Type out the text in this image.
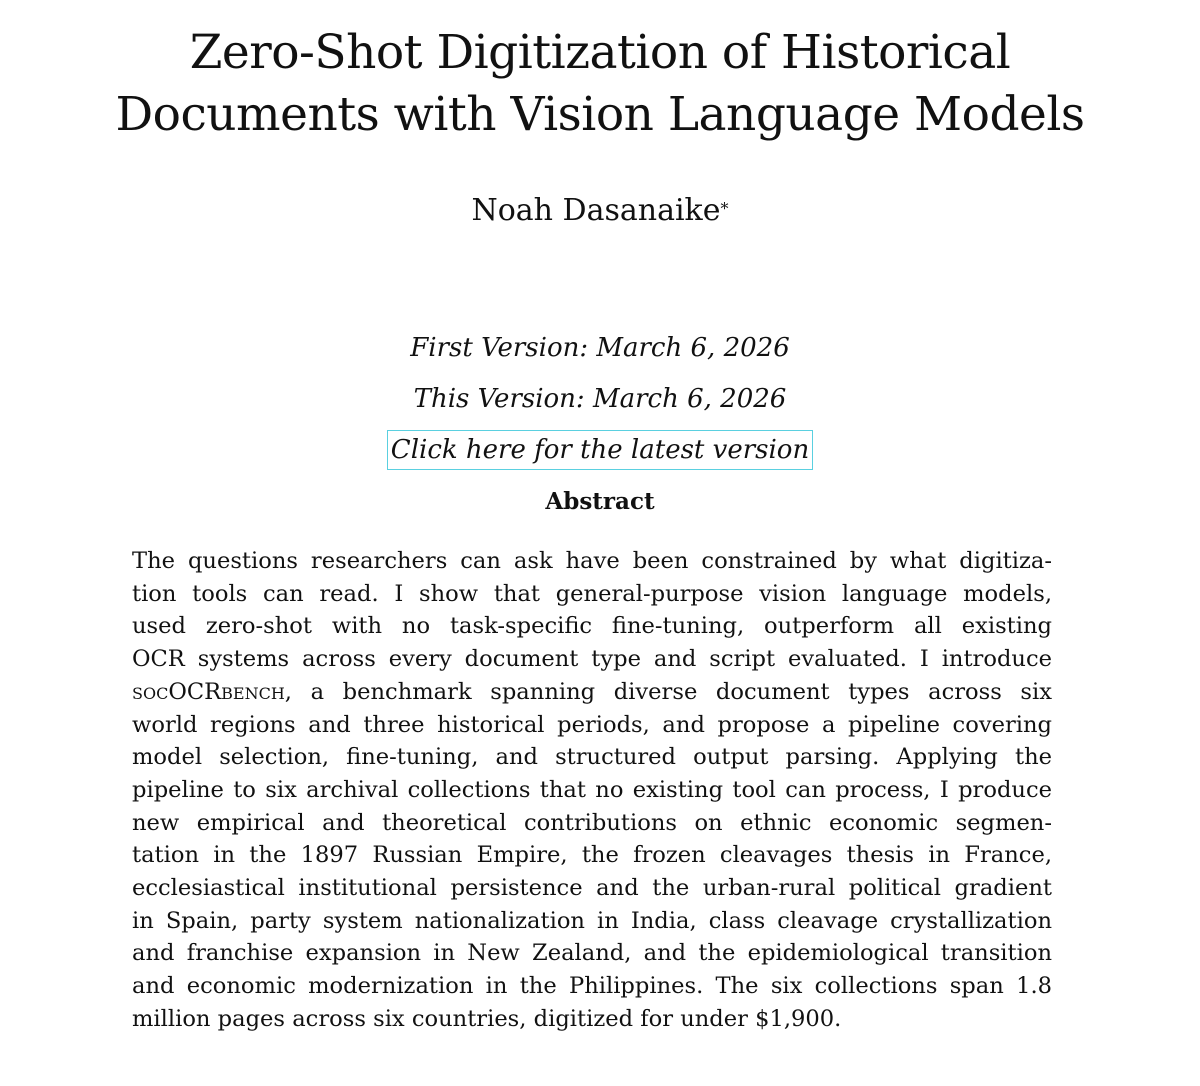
Zero-Shot Digitization of Historical
Documents with Vision Language Models
Noah Dasanaike*
First Version: March 6, 2026
This Version: March 6, 2026
Click here for the latest version
Abstract

The questions researchers can ask have been constrained by what digitiza-
tion tools can read. I show that general-purpose vision language models,
used zero-shot with no task-specific fine-tuning, outperform all existing
OCR systems across every document type and script evaluated. I introduce
socOCRbench, a benchmark spanning diverse document types across six
world regions and three historical periods, and propose a pipeline covering
model selection, fine-tuning, and structured output parsing. Applying the
pipeline to six archival collections that no existing tool can process, I produce
new empirical and theoretical contributions on ethnic economic segmen-
tation in the 1897 Russian Empire, the frozen cleavages thesis in France,
ecclesiastical institutional persistence and the urban-rural political gradient
in Spain, party system nationalization in India, class cleavage crystallization
and franchise expansion in New Zealand, and the epidemiological transition
and economic modernization in the Philippines. The six collections span 1.8
million pages across six countries, digitized for under $1,900.
